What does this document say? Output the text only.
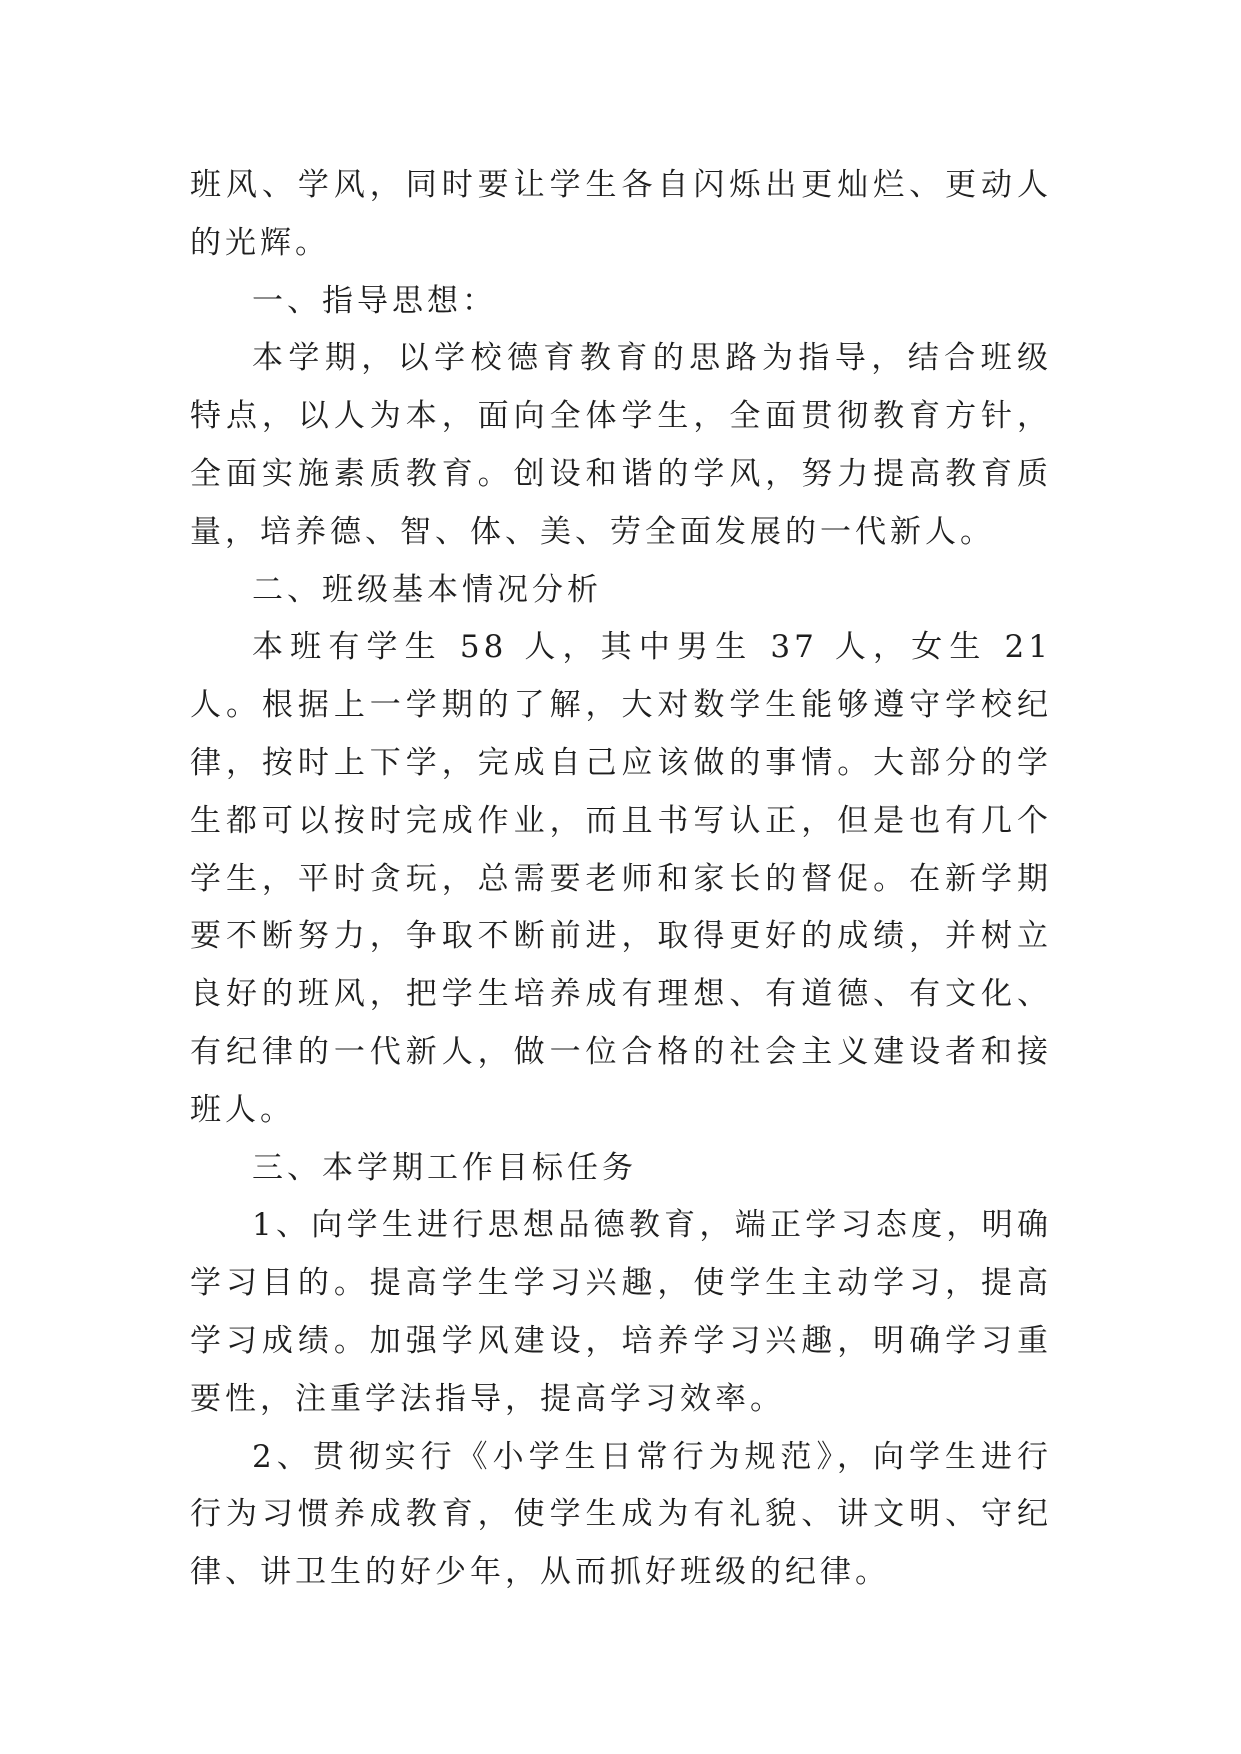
班风、学风，同时要让学生各自闪烁出更灿烂、更动人的光辉。

一、指导思想：

本学期，以学校德育教育的思路为指导，结合班级特点，以人为本，面向全体学生，全面贯彻教育方针，全面实施素质教育。创设和谐的学风，努力提高教育质量，培养德、智、体、美、劳全面发展的一代新人。

二、班级基本情况分析

本班有学生 58 人，其中男生 37 人，女生 21 人。根据上一学期的了解，大对数学生能够遵守学校纪律，按时上下学，完成自己应该做的事情。大部分的学生都可以按时完成作业，而且书写认正，但是也有几个学生，平时贪玩，总需要老师和家长的督促。在新学期要不断努力，争取不断前进，取得更好的成绩，并树立良好的班风，把学生培养成有理想、有道德、有文化、有纪律的一代新人，做一位合格的社会主义建设者和接班人。

三、本学期工作目标任务

1、向学生进行思想品德教育，端正学习态度，明确学习目的。提高学生学习兴趣，使学生主动学习，提高学习成绩。加强学风建设，培养学习兴趣，明确学习重要性，注重学法指导，提高学习效率。

2、贯彻实行《小学生日常行为规范》，向学生进行行为习惯养成教育，使学生成为有礼貌、讲文明、守纪律、讲卫生的好少年，从而抓好班级的纪律。
